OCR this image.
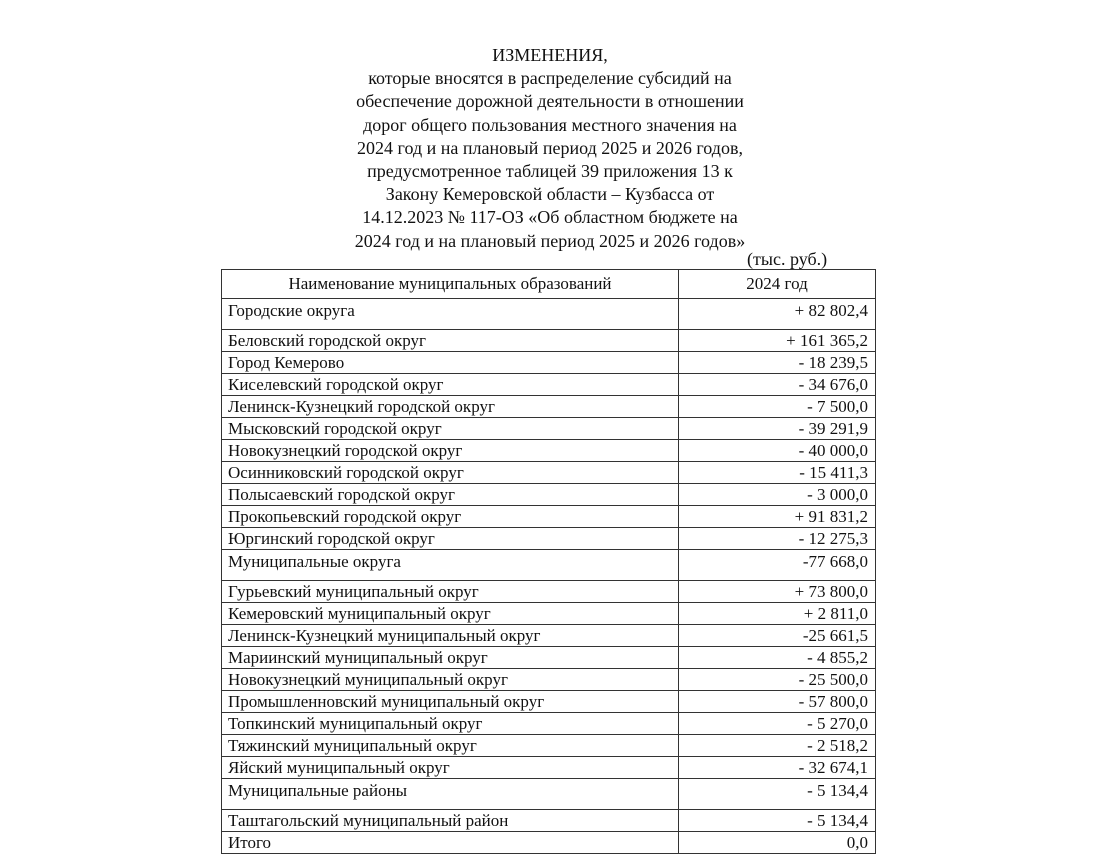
ИЗМЕНЕНИЯ,
которые вносятся в распределение субсидий на
обеспечение дорожной деятельности в отношении
дорог общего пользования местного значения на
2024 год и на плановый период 2025 и 2026 годов,
предусмотренное таблицей 39 приложения 13 к
Закону Кемеровской области – Кузбасса от
14.12.2023 № 117-ОЗ «Об областном бюджете на
2024 год и на плановый период 2025 и 2026 годов»
(тыс. руб.)
Наименование муниципальных образований	2024 год
Городские округа	+ 82 802,4
Беловский городской округ	+ 161 365,2
Город Кемерово	- 18 239,5
Киселевский городской округ	- 34 676,0
Ленинск-Кузнецкий городской округ	- 7 500,0
Мысковский городской округ	- 39 291,9
Новокузнецкий городской округ	- 40 000,0
Осинниковский городской округ	- 15 411,3
Полысаевский городской округ	- 3 000,0
Прокопьевский городской округ	+ 91 831,2
Юргинский городской округ	- 12 275,3
Муниципальные округа	-77 668,0
Гурьевский муниципальный округ	+ 73 800,0
Кемеровский муниципальный округ	+ 2 811,0
Ленинск-Кузнецкий муниципальный округ	-25 661,5
Мариинский муниципальный округ	- 4 855,2
Новокузнецкий муниципальный округ	- 25 500,0
Промышленновский муниципальный округ	- 57 800,0
Топкинский муниципальный округ	- 5 270,0
Тяжинский муниципальный округ	- 2 518,2
Яйский муниципальный округ	- 32 674,1
Муниципальные районы	- 5 134,4
Таштагольский муниципальный район	- 5 134,4
Итого	0,0
